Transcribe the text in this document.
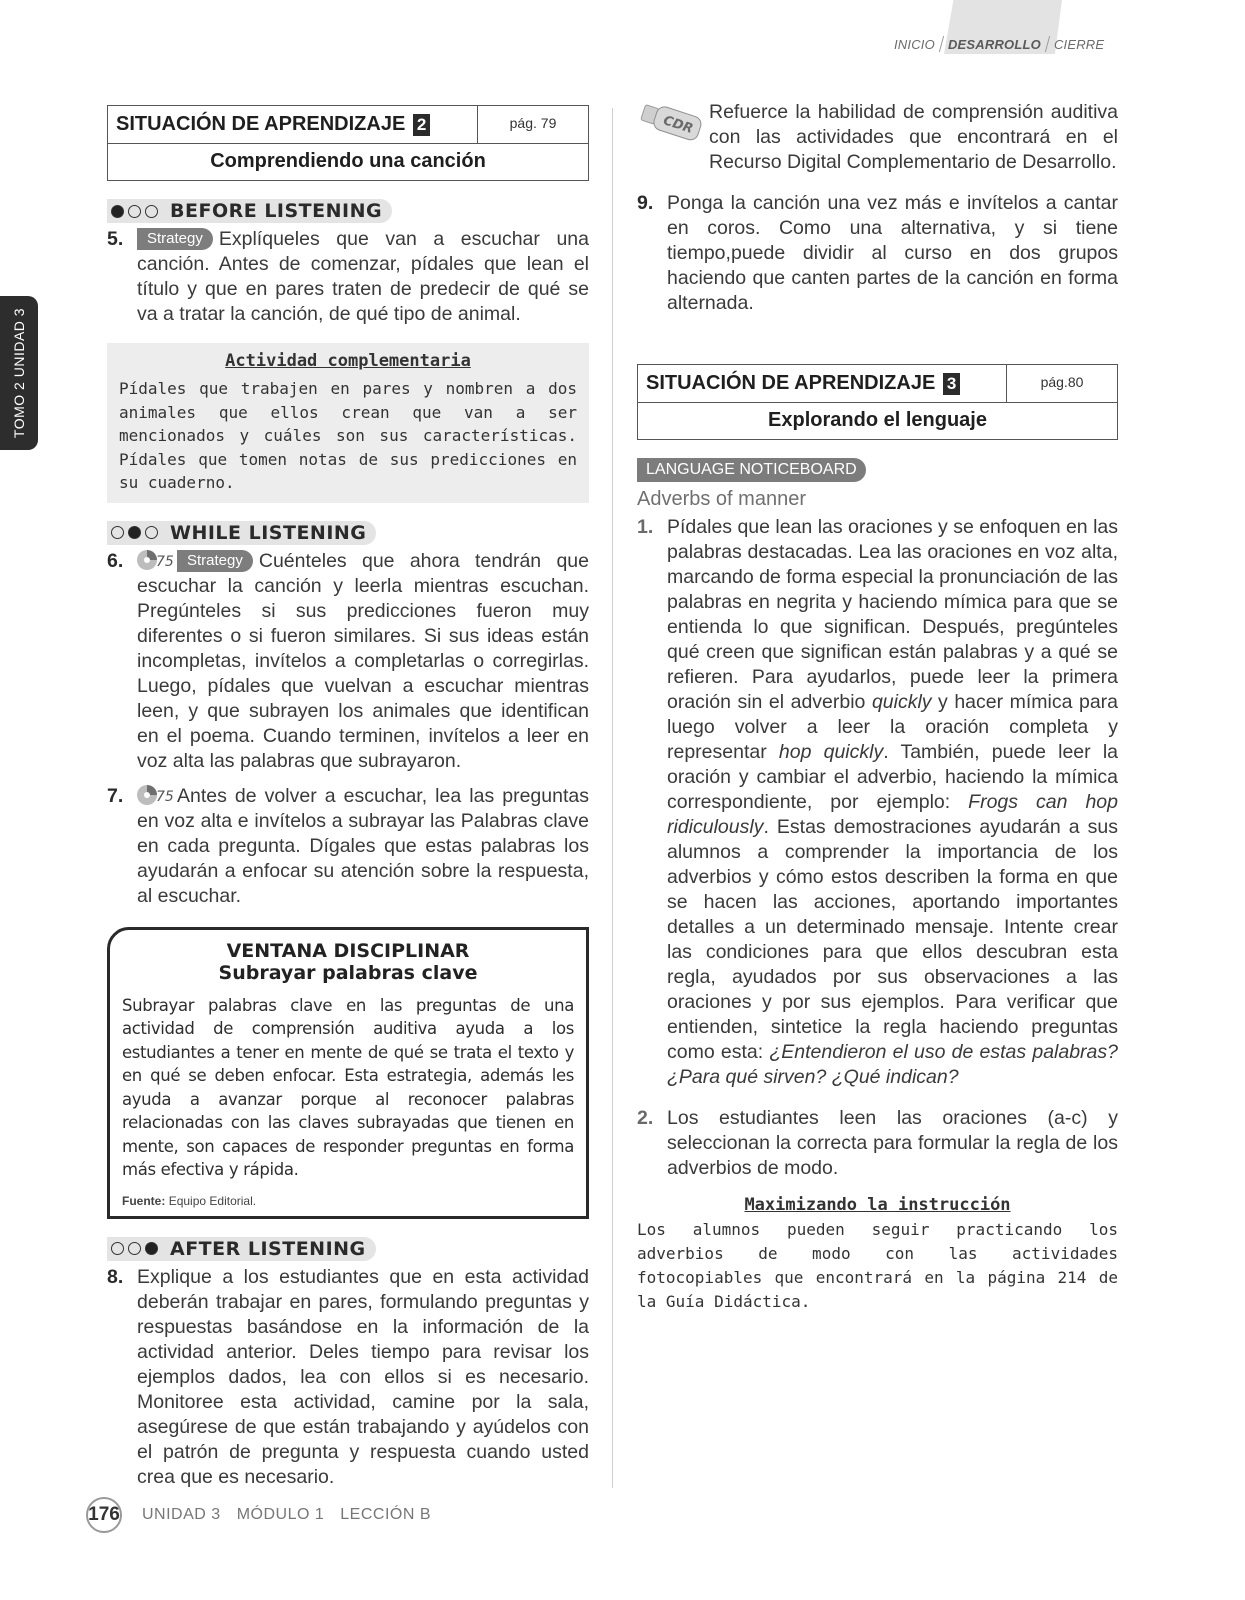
INICIO DESARROLLO CIERRE
TOMO 2 UNIDAD 3
SITUACIÓN DE APRENDIZAJE 2	pág. 79
Comprendiendo una canción
BEFORE LISTENING
5.	Strategy Explíqueles que van a escuchar una canción. Antes de comenzar, pídales que lean el título y que en pares traten de predecir de qué se va a tratar la canción, de qué tipo de animal.
Actividad complementaria
Pídales que trabajen en pares y nombren a dos animales que ellos crean que van a ser mencionados y cuáles son sus características. Pídales que tomen notas de sus predicciones en su cuaderno.
WHILE LISTENING
6.	75 Strategy Cuénteles que ahora tendrán que escuchar la canción y leerla mientras escuchan. Pregúnteles si sus predicciones fueron muy diferentes o si fueron similares. Si sus ideas están incompletas, invítelos a completarlas o corregirlas. Luego, pídales que vuelvan a escuchar mientras leen, y que subrayen los animales que identifican en el poema. Cuando terminen, invítelos a leer en voz alta las palabras que subrayaron.
7.	75 Antes de volver a escuchar, lea las preguntas en voz alta e invítelos a subrayar las Palabras clave en cada pregunta. Dígales que estas palabras los ayudarán a enfocar su atención sobre la respuesta, al escuchar.
VENTANA DISCIPLINAR
Subrayar palabras clave
Subrayar palabras clave en las preguntas de una actividad de comprensión auditiva ayuda a los estudiantes a tener en mente de qué se trata el texto y en qué se deben enfocar. Esta estrategia, además les ayuda a avanzar porque al reconocer palabras relacionadas con las claves subrayadas que tienen en mente, son capaces de responder preguntas en forma más efectiva y rápida.
Fuente: Equipo Editorial.
AFTER LISTENING
8. Explique a los estudiantes que en esta actividad deberán trabajar en pares, formulando preguntas y respuestas basándose en la información de la actividad anterior. Deles tiempo para revisar los ejemplos dados, lea con ellos si es necesario. Monitoree esta actividad, camine por la sala, asegúrese de que están trabajando y ayúdelos con el patrón de pregunta y respuesta cuando usted crea que es necesario.
CDR
Refuerce la habilidad de comprensión auditiva con las actividades que encontrará en el Recurso Digital Complementario de Desarrollo.
9. Ponga la canción una vez más e invítelos a cantar en coros. Como una alternativa, y si tiene tiempo,puede dividir al curso en dos grupos haciendo que canten partes de la canción en forma alternada.
SITUACIÓN DE APRENDIZAJE 3	pág.80
Explorando el lenguaje
LANGUAGE NOTICEBOARD
Adverbs of manner
1. Pídales que lean las oraciones y se enfoquen en las palabras destacadas. Lea las oraciones en voz alta, marcando de forma especial la pronunciación de las palabras en negrita y haciendo mímica para que se entienda lo que significan. Después, pregúnteles qué creen que significan están palabras y a qué se refieren. Para ayudarlos, puede leer la primera oración sin el adverbio quickly y hacer mímica para luego volver a leer la oración completa y representar hop quickly. También, puede leer la oración y cambiar el adverbio, haciendo la mímica correspondiente, por ejemplo: Frogs can hop ridiculously. Estas demostraciones ayudarán a sus alumnos a comprender la importancia de los adverbios y cómo estos describen la forma en que se hacen las acciones, aportando importantes detalles a un determinado mensaje. Intente crear las condiciones para que ellos descubran esta regla, ayudados por sus observaciones a las oraciones y por sus ejemplos. Para verificar que entienden, sintetice la regla haciendo preguntas como esta: ¿Entendieron el uso de estas palabras? ¿Para qué sirven? ¿Qué indican?
2. Los estudiantes leen las oraciones (a-c) y seleccionan la correcta para formular la regla de los adverbios de modo.
Maximizando la instrucción
Los alumnos pueden seguir practicando los adverbios de modo con las actividades fotocopiables que encontrará en la página 214 de la Guía Didáctica.
176 UNIDAD 3 MÓDULO 1 LECCIÓN B
